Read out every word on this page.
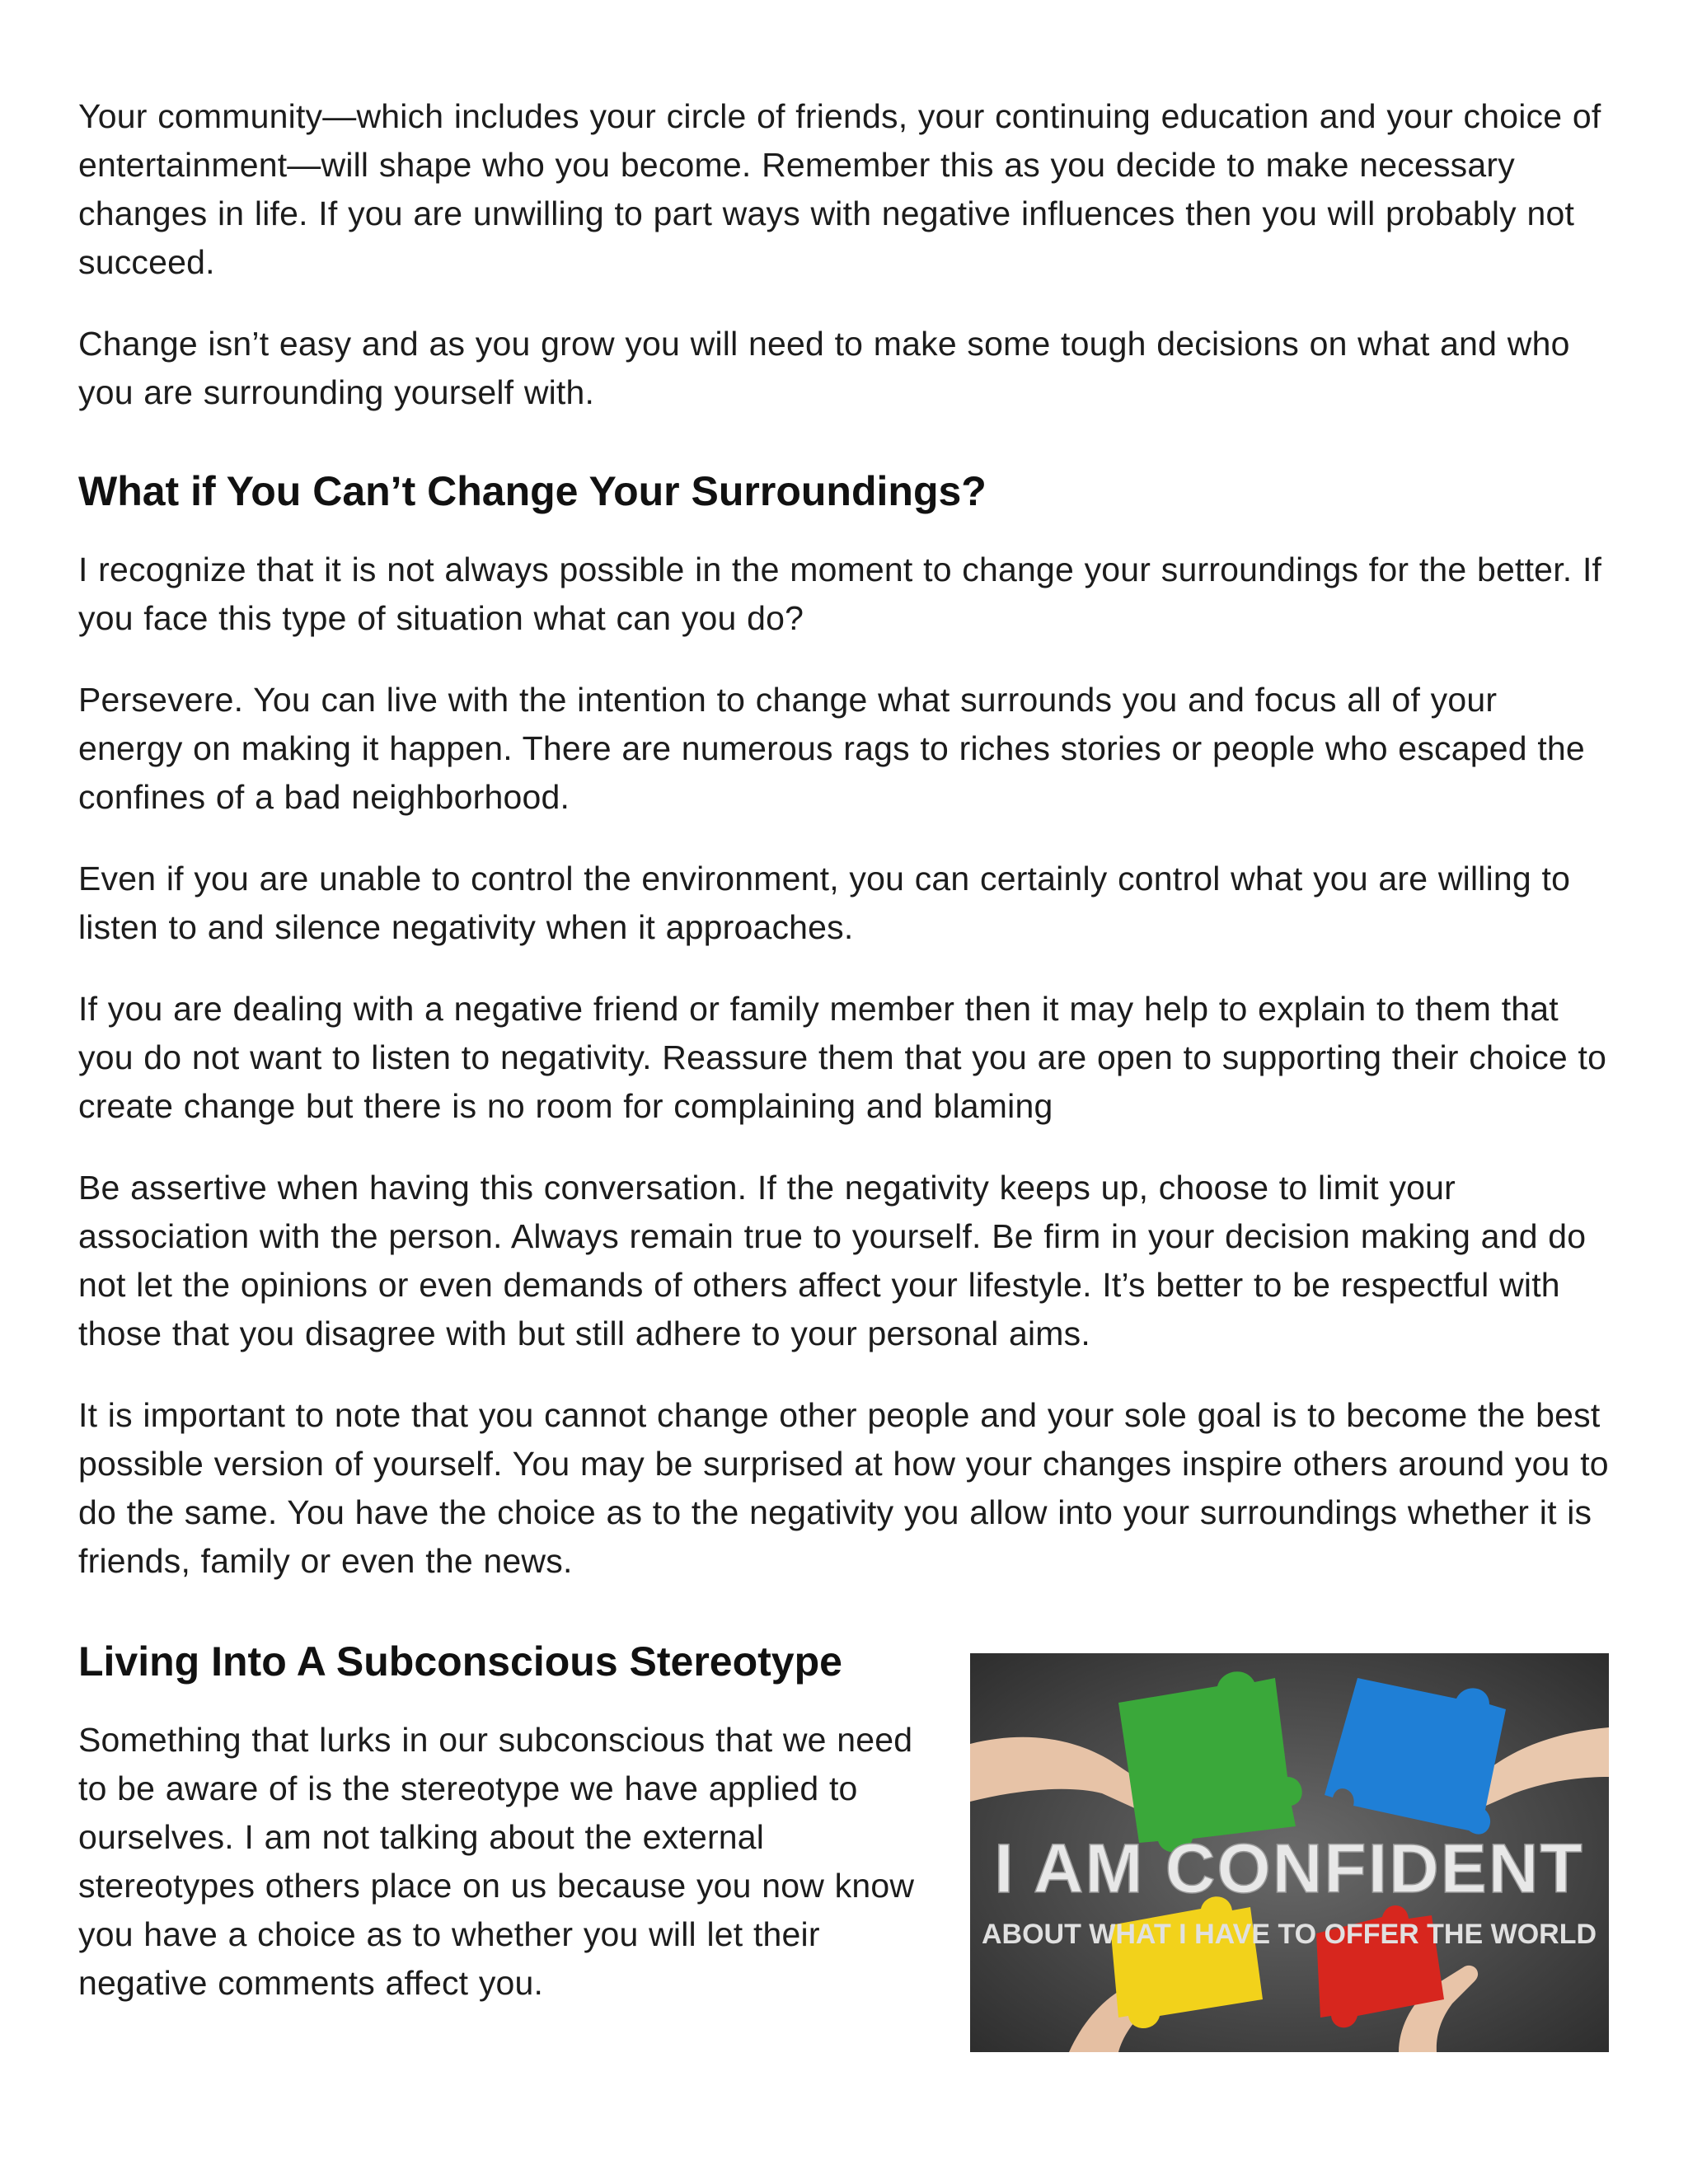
Your community—which includes your circle of friends, your continuing education and your choice of entertainment—will shape who you become. Remember this as you decide to make necessary changes in life. If you are unwilling to part ways with negative influences then you will probably not succeed.

Change isn’t easy and as you grow you will need to make some tough decisions on what and who you are surrounding yourself with.

What if You Can’t Change Your Surroundings?

I recognize that it is not always possible in the moment to change your surroundings for the better. If you face this type of situation what can you do?

Persevere. You can live with the intention to change what surrounds you and focus all of your energy on making it happen. There are numerous rags to riches stories or people who escaped the confines of a bad neighborhood.

Even if you are unable to control the environment, you can certainly control what you are willing to listen to and silence negativity when it approaches.

If you are dealing with a negative friend or family member then it may help to explain to them that you do not want to listen to negativity. Reassure them that you are open to supporting their choice to create change but there is no room for complaining and blaming

Be assertive when having this conversation. If the negativity keeps up, choose to limit your association with the person. Always remain true to yourself. Be firm in your decision making and do not let the opinions or even demands of others affect your lifestyle. It’s better to be respectful with those that you disagree with but still adhere to your personal aims.

It is important to note that you cannot change other people and your sole goal is to become the best possible version of yourself. You may be surprised at how your changes inspire others around you to do the same. You have the choice as to the negativity you allow into your surroundings whether it is friends, family or even the news.

Living Into A Subconscious Stereotype

Something that lurks in our subconscious that we need to be aware of is the stereotype we have applied to ourselves. I am not talking about the external stereotypes others place on us because you now know you have a choice as to whether you will let their negative comments affect you.

I AM CONFIDENT
ABOUT WHAT I HAVE TO OFFER THE WORLD
